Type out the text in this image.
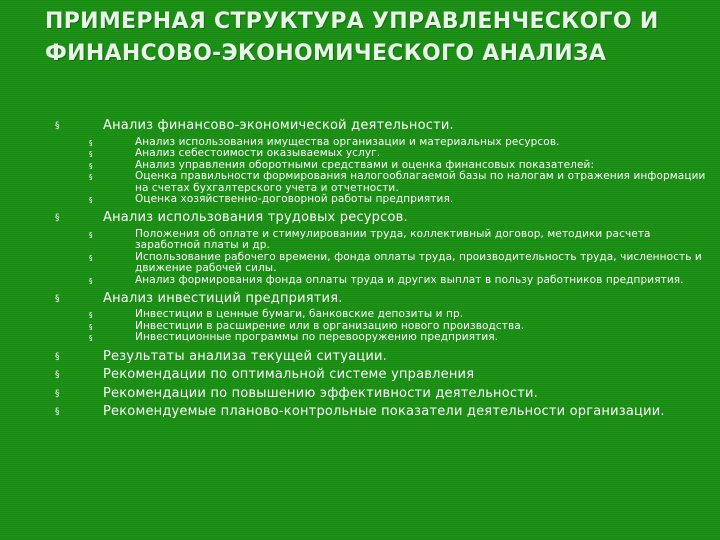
ПРИМЕРНАЯ СТРУКТУРА УПРАВЛЕНЧЕСКОГО И ФИНАНСОВО-ЭКОНОМИЧЕСКОГО АНАЛИЗА
§	Анализ финансово-экономической деятельности.
§	Анализ использования имущества организации и материальных ресурсов.
§	Анализ себестоимости оказываемых услуг.
§	Анализ управления оборотными средствами и оценка финансовых показателей:
§	Оценка правильности формирования налогооблагаемой базы по налогам и отражения информации на счетах бухгалтерского учета и отчетности.
§	Оценка хозяйственно-договорной работы предприятия.
§	Анализ использования трудовых ресурсов.
§	Положения об оплате и стимулировании труда, коллективный договор, методики расчета заработной платы и др.
§	Использование рабочего времени, фонда оплаты труда, производительность труда, численность и движение рабочей силы.
§	Анализ формирования фонда оплаты труда и других выплат в пользу работников предприятия.
§	Анализ инвестиций предприятия.
§	Инвестиции в ценные бумаги, банковские депозиты и пр.
§	Инвестиции в расширение или в организацию нового производства.
§	Инвестиционные программы по перевооружению предприятия.
§	Результаты анализа текущей ситуации.
§	Рекомендации по оптимальной системе управления
§	Рекомендации по повышению эффективности деятельности.
§	Рекомендуемые планово-контрольные показатели деятельности организации.
